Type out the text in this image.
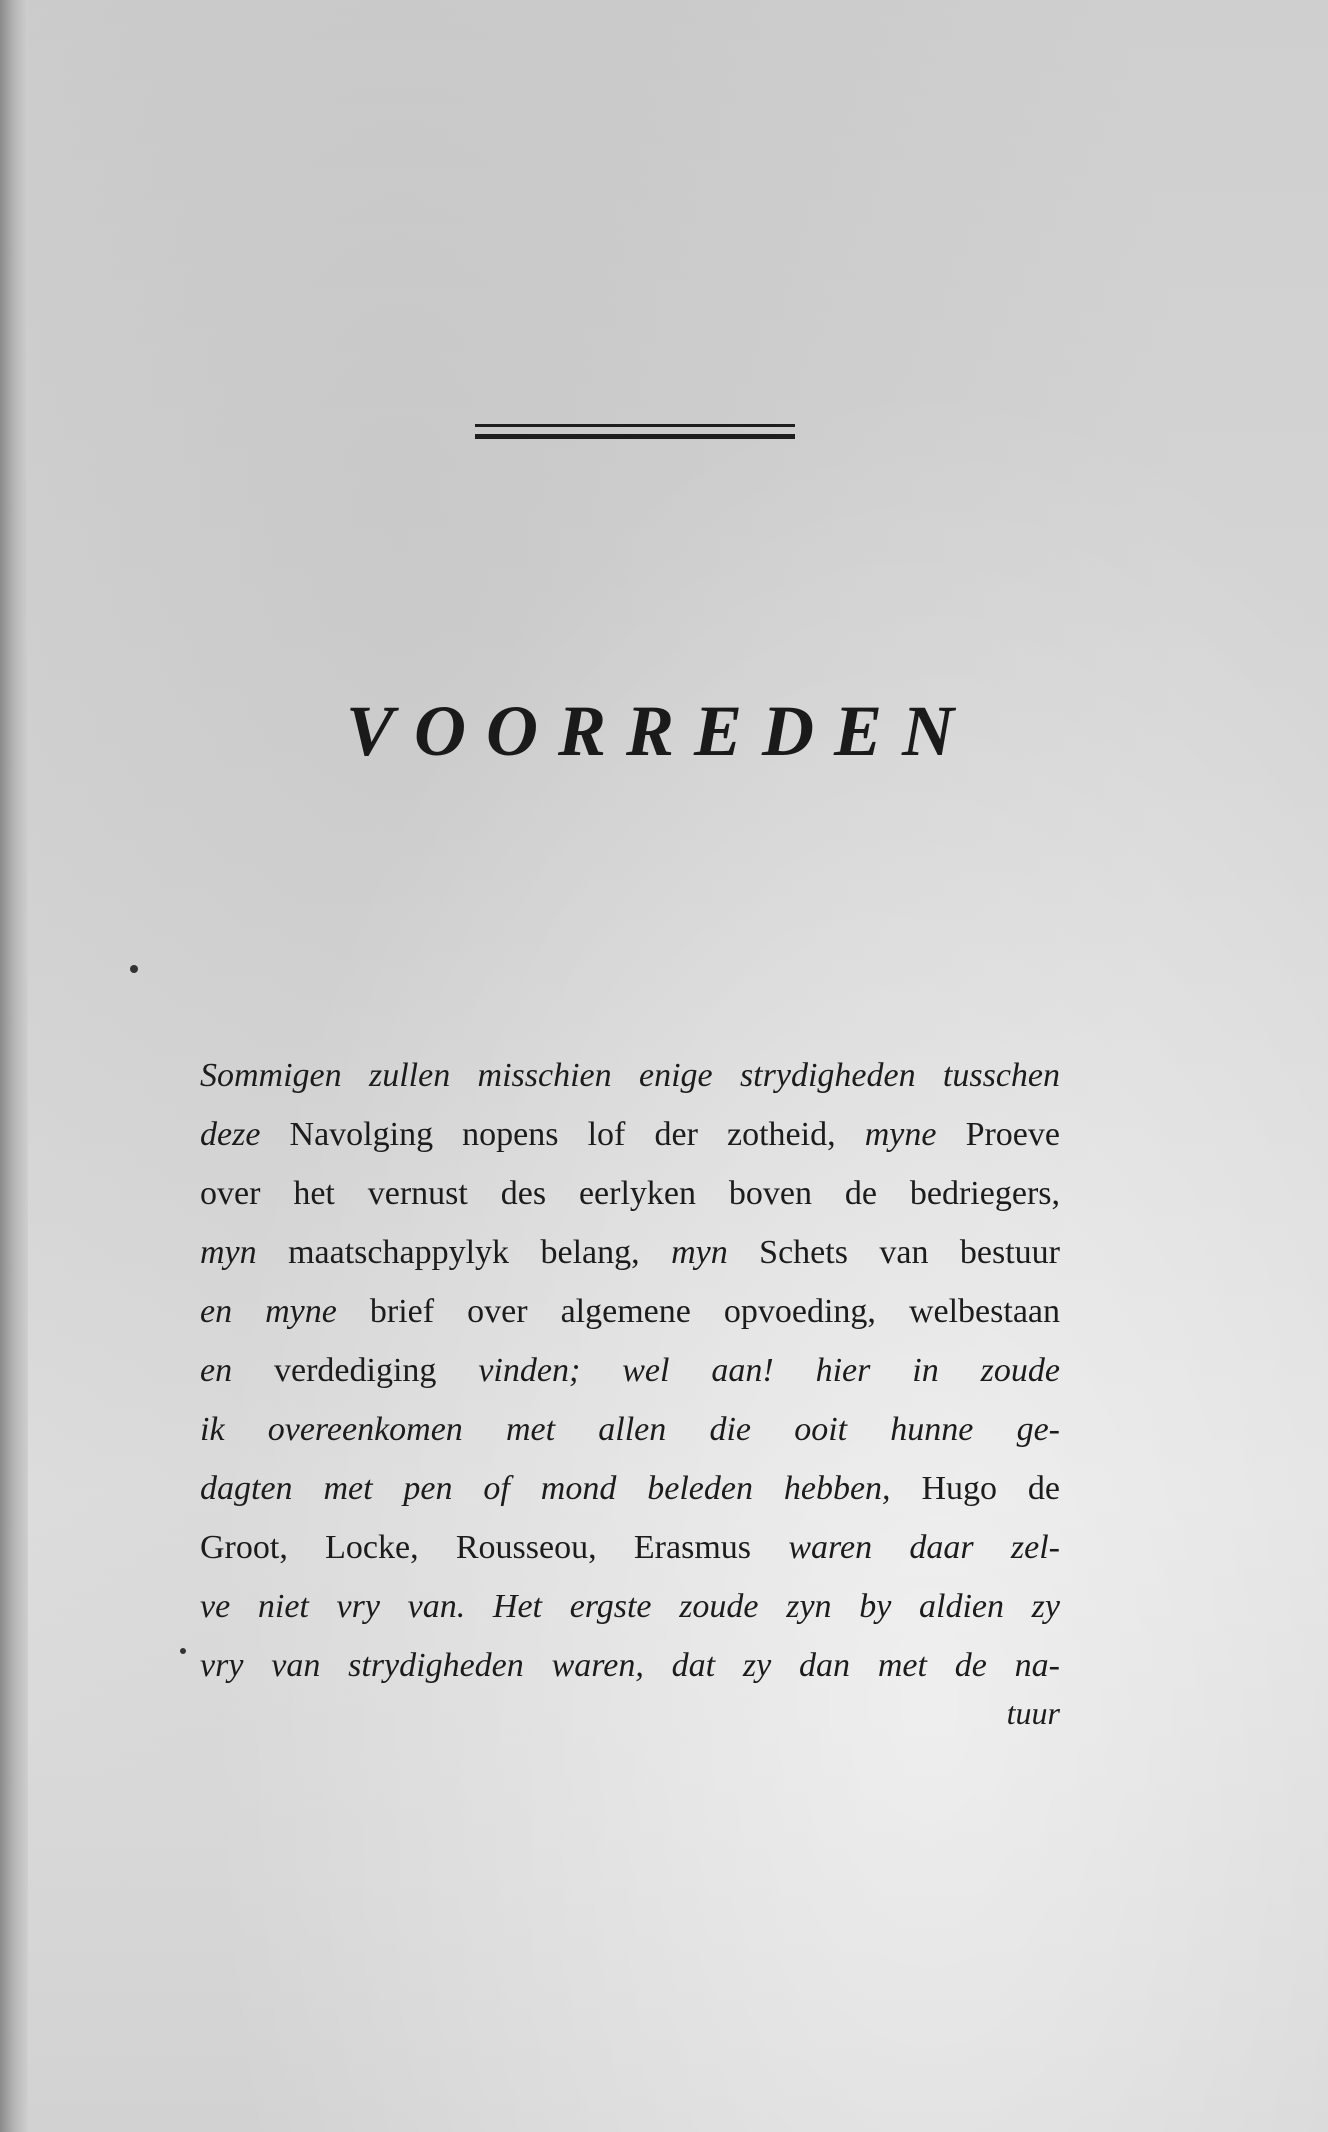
VOORREDEN
Sommigen zullen misschien enige strydigheden tusschen
deze Navolging nopens lof der zotheid, myne Proeve
over het vernust des eerlyken boven de bedriegers,
myn maatschappylyk belang, myn Schets van bestuur
en myne brief over algemene opvoeding, welbestaan
en verdediging vinden; wel aan! hier in zoude
ik overeenkomen met allen die ooit hunne ge-
dagten met pen of mond beleden hebben, Hugo de
Groot, Locke, Rousseou, Erasmus waren daar zel-
ve niet vry van. Het ergste zoude zyn by aldien zy
vry van strydigheden waren, dat zy dan met de na-
tuur
